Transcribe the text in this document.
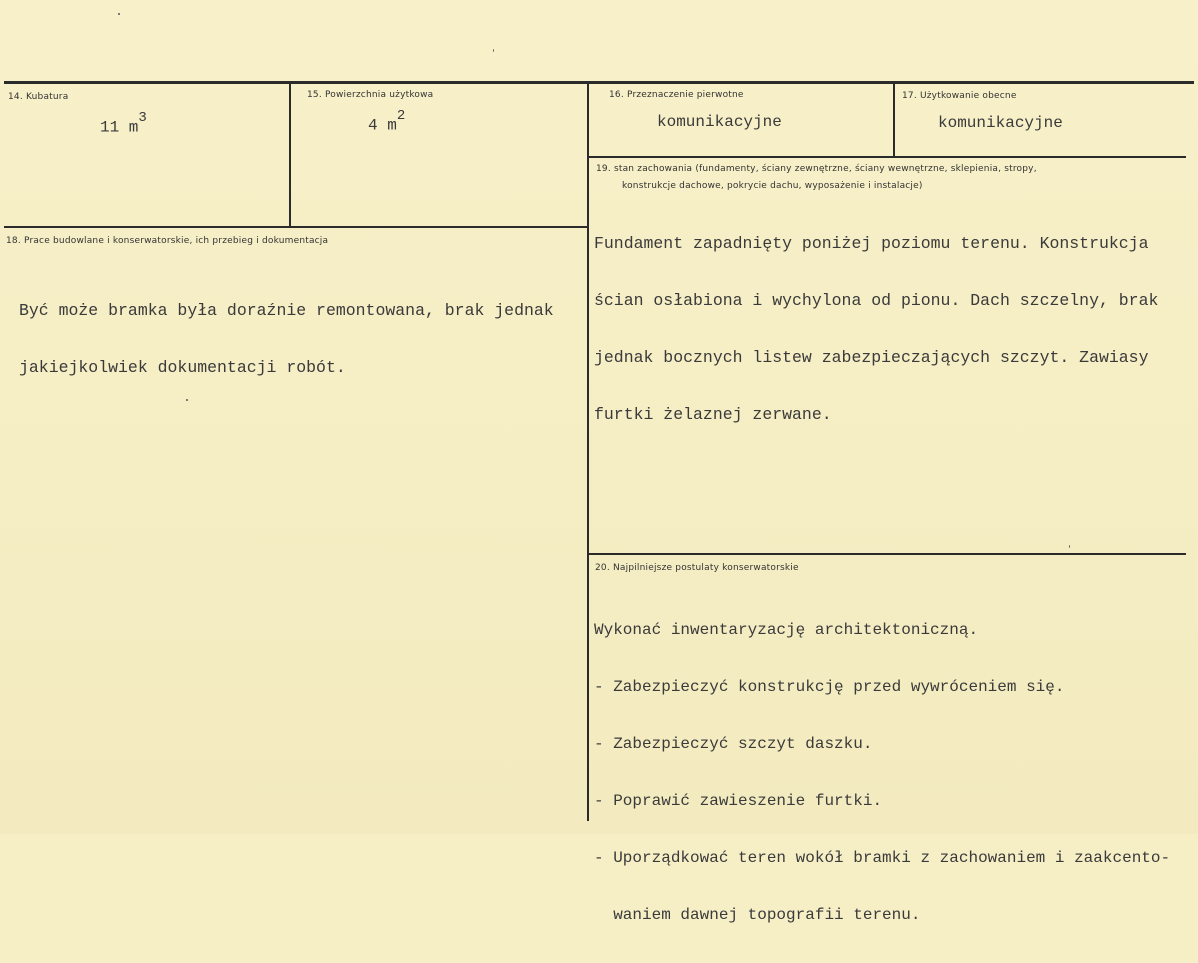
14. Kubatura
11 $m^3$
15. Powierzchnia użytkowa
4 $m^2$
16. Przeznaczenie pierwotne
komunikacyjne
17. Użytkowanie obecne
komunikacyjne
18. Prace budowlane i konserwatorskie, ich przebieg i dokumentacja

Być może bramka była doraźnie remontowana, brak jednak

jakiejkolwiek dokumentacji robót.

19. stan zachowania (fundamenty, ściany zewnętrzne, ściany wewnętrzne, sklepienia, stropy,
konstrukcje dachowe, pokrycie dachu, wyposażenie i instalacje)

Fundament zapadnięty poniżej poziomu terenu. Konstrukcja

ścian osłabiona i wychylona od pionu. Dach szczelny, brak

jednak bocznych listew zabezpieczających szczyt. Zawiasy

furtki żelaznej zerwane.

20. Najpilniejsze postulaty konserwatorskie

Wykonać inwentaryzację architektoniczną.

- Zabezpieczyć konstrukcję przed wywróceniem się.

- Zabezpieczyć szczyt daszku.

- Poprawić zawieszenie furtki.

- Uporządkować teren wokół bramki z zachowaniem i zaakcento-

waniem dawnej topografii terenu.
